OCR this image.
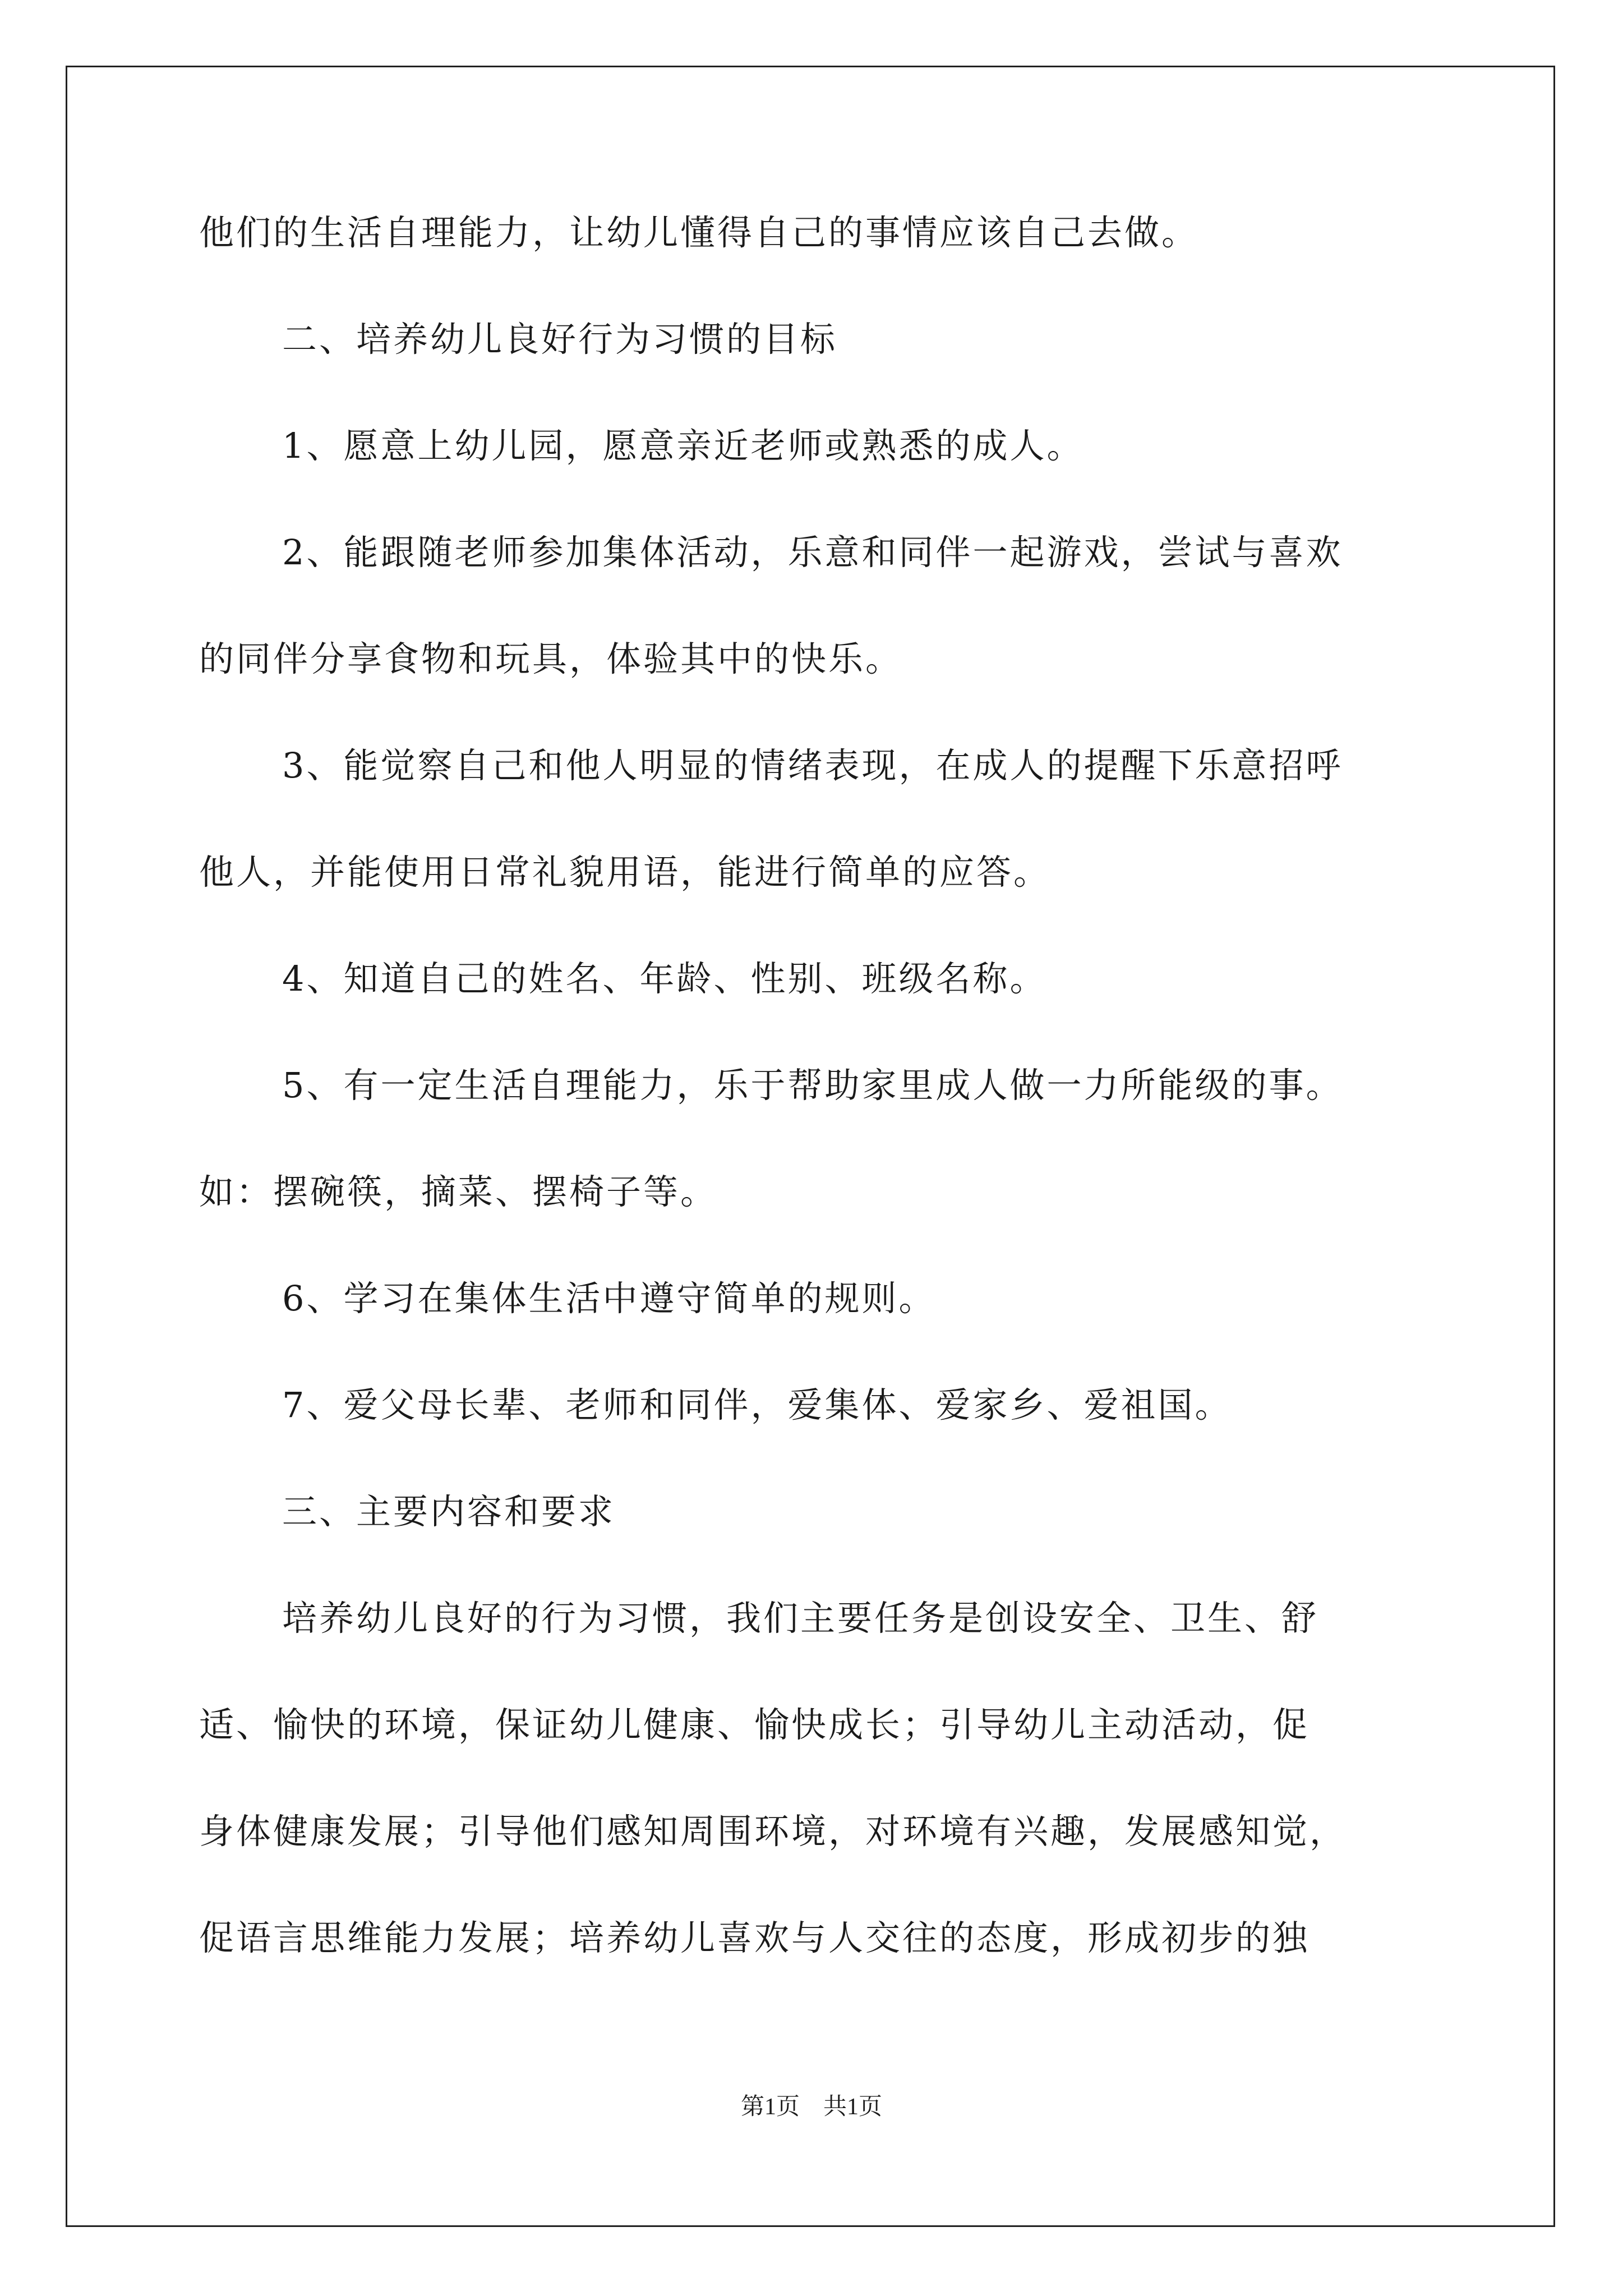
他们的生活自理能力，让幼儿懂得自己的事情应该自己去做。

二、培养幼儿良好行为习惯的目标

1、愿意上幼儿园，愿意亲近老师或熟悉的成人。

2、能跟随老师参加集体活动，乐意和同伴一起游戏，尝试与喜欢

的同伴分享食物和玩具，体验其中的快乐。

3、能觉察自己和他人明显的情绪表现，在成人的提醒下乐意招呼

他人，并能使用日常礼貌用语，能进行简单的应答。

4、知道自己的姓名、年龄、性别、班级名称。

5、有一定生活自理能力，乐于帮助家里成人做一力所能级的事。

如：摆碗筷，摘菜、摆椅子等。

6、学习在集体生活中遵守简单的规则。

7、爱父母长辈、老师和同伴，爱集体、爱家乡、爱祖国。

三、主要内容和要求

培养幼儿良好的行为习惯，我们主要任务是创设安全、卫生、舒

适、愉快的环境，保证幼儿健康、愉快成长；引导幼儿主动活动，促

身体健康发展；引导他们感知周围环境，对环境有兴趣，发展感知觉，

促语言思维能力发展；培养幼儿喜欢与人交往的态度，形成初步的独

第1页　共1页
